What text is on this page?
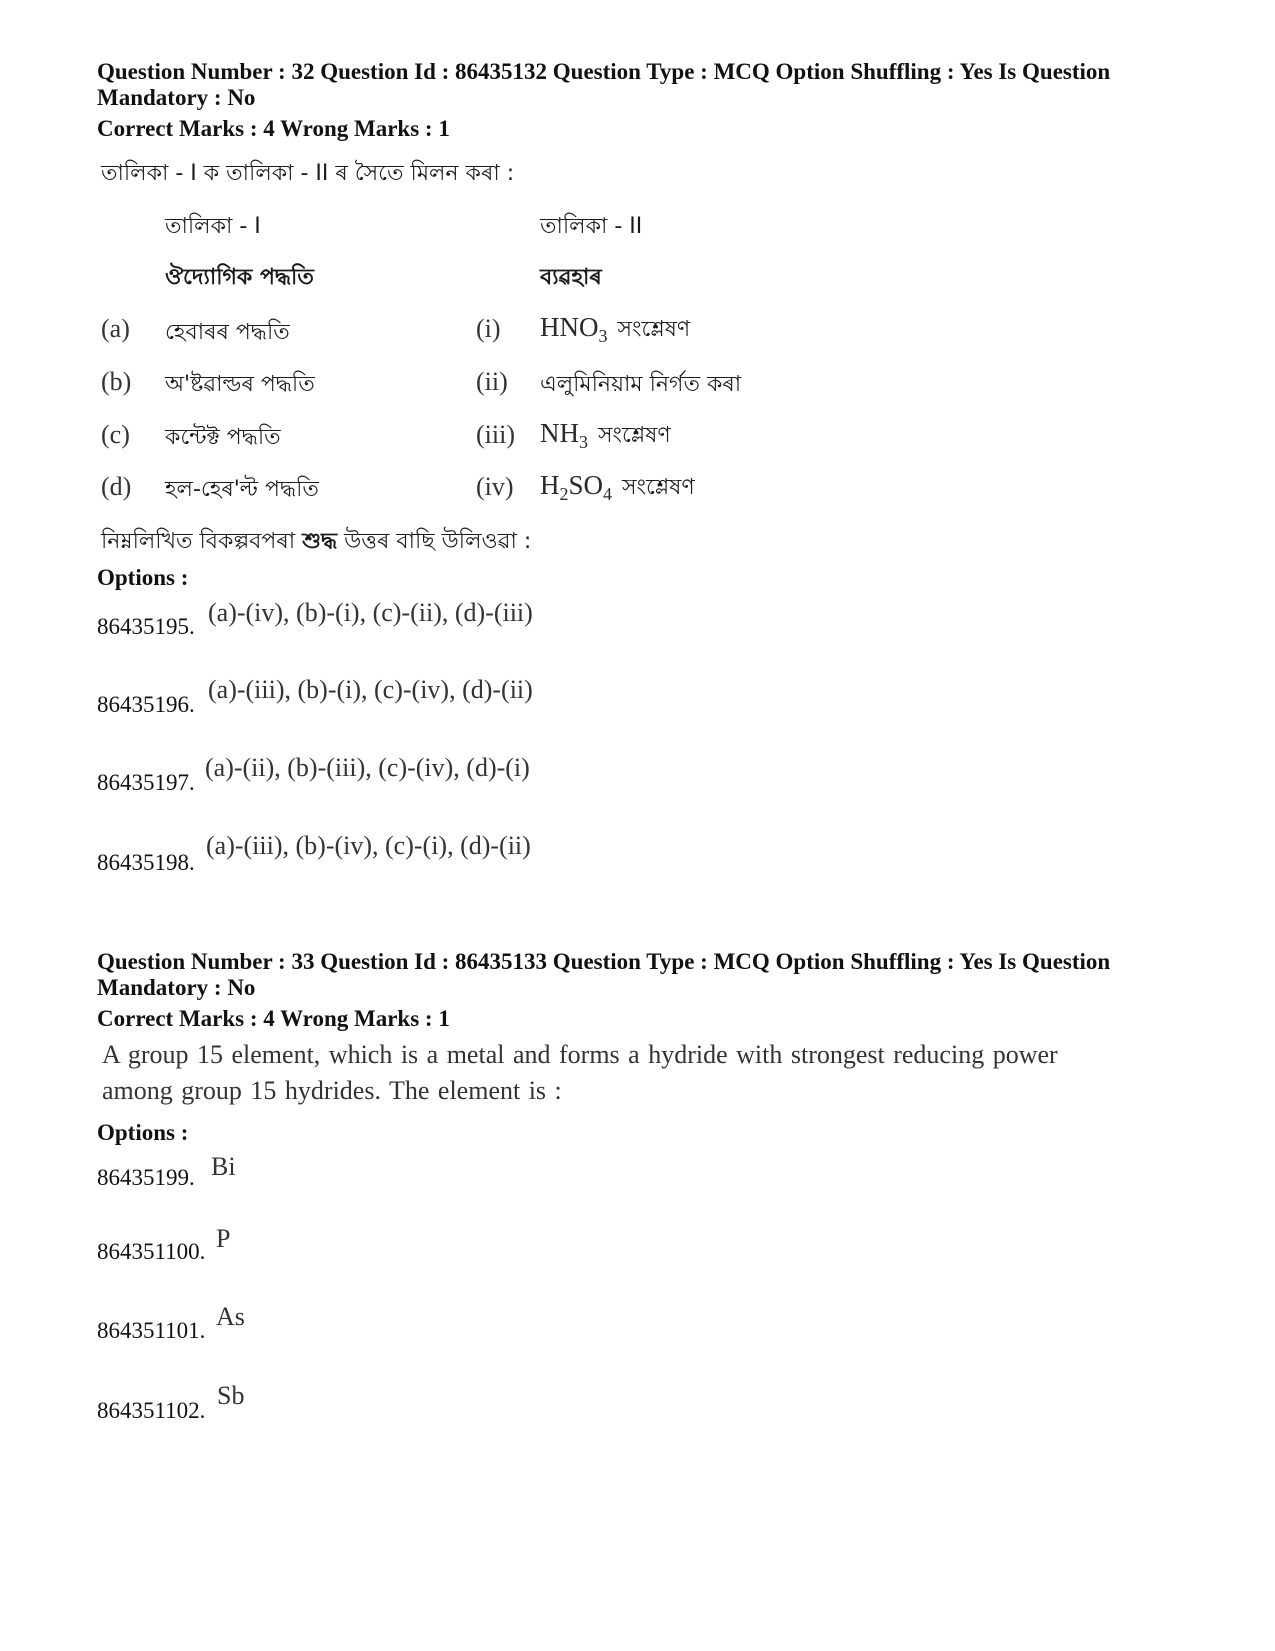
Question Number : 32 Question Id : 86435132 Question Type : MCQ Option Shuffling : Yes Is Question
Mandatory : No
Correct Marks : 4 Wrong Marks : 1
তালিকা - I ক তালিকা - II ৰ সৈতে মিলন কৰা :
তালিকা - I	তালিকা - II
ঔদ্যোগিক পদ্ধতি	ব্যৱহাৰ
(a) হেবাৰৰ পদ্ধতি	(i) $HNO_3$ সংশ্লেষণ
(b) অ'ষ্টৱাল্ডৰ পদ্ধতি	(ii) এলুমিনিয়াম নিৰ্গত কৰা
(c) কন্টেক্ট পদ্ধতি	(iii) $NH_3$ সংশ্লেষণ
(d) হল-হেৰ'ল্ট পদ্ধতি	(iv) $H_2SO_4$ সংশ্লেষণ
নিম্নলিখিত বিকল্পবপৰা শুদ্ধ উত্তৰ বাছি উলিওৱা :
Options :
86435195. (a)-(iv), (b)-(i), (c)-(ii), (d)-(iii)
86435196.
(a)-(iii), (b)-(i), (c)-(iv), (d)-(ii)
86435197.
(a)-(ii), (b)-(iii), (c)-(iv), (d)-(i)
86435198.
(a)-(iii), (b)-(iv), (c)-(i), (d)-(ii)
Question Number : 33 Question Id : 86435133 Question Type : MCQ Option Shuffling : Yes Is Question
Mandatory : No
Correct Marks : 4 Wrong Marks : 1
A group 15 element, which is a metal and forms a hydride with strongest reducing power
among group 15 hydrides. The element is :
Options :
86435199. Bi
864351100. P
864351101. As
864351102.
Sb
